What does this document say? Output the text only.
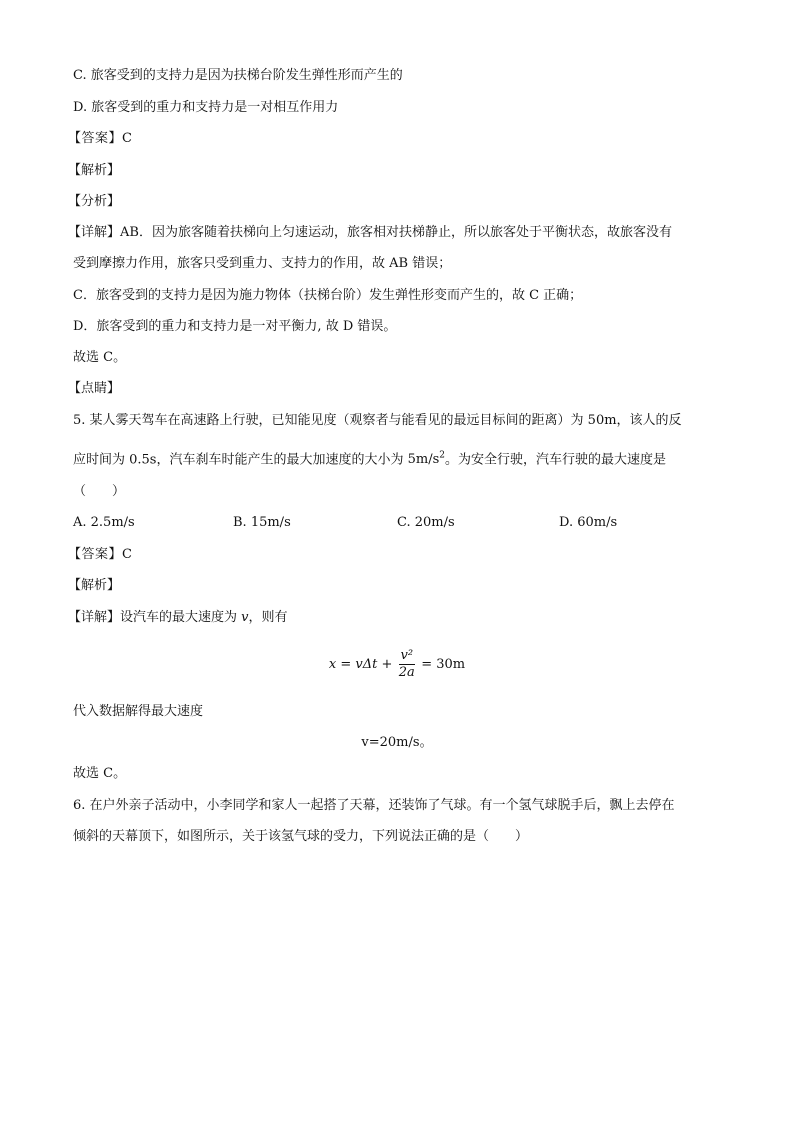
C. 旅客受到的支持力是因为扶梯台阶发生弹性形而产生的
D. 旅客受到的重力和支持力是一对相互作用力
【答案】C
【解析】
【分析】
【详解】AB．因为旅客随着扶梯向上匀速运动，旅客相对扶梯静止，所以旅客处于平衡状态，故旅客没有
受到摩擦力作用，旅客只受到重力、支持力的作用，故 AB 错误；
C．旅客受到的支持力是因为施力物体（扶梯台阶）发生弹性形变而产生的，故 C 正确；
D．旅客受到的重力和支持力是一对平衡力, 故 D 错误。
故选 C。
【点睛】
5. 某人雾天驾车在高速路上行驶，已知能见度（观察者与能看见的最远目标间的距离）为 50m，该人的反
应时间为 0.5s，汽车刹车时能产生的最大加速度的大小为 $5m/s^2$。为安全行驶，汽车行驶的最大速度是
（　　）
A. 2.5m/s	B. 15m/s	C. 20m/s	D. 60m/s
【答案】C
【解析】
【详解】设汽车的最大速度为 v，则有
$x = v\Delta t + \frac{\text{v²}}{2a} = 30m$
代入数据解得最大速度
v=20m/s。
故选 C。
6. 在户外亲子活动中，小李同学和家人一起搭了天幕，还装饰了气球。有一个氢气球脱手后，飘上去停在
倾斜的天幕顶下，如图所示，关于该氢气球的受力，下列说法正确的是（　　）
